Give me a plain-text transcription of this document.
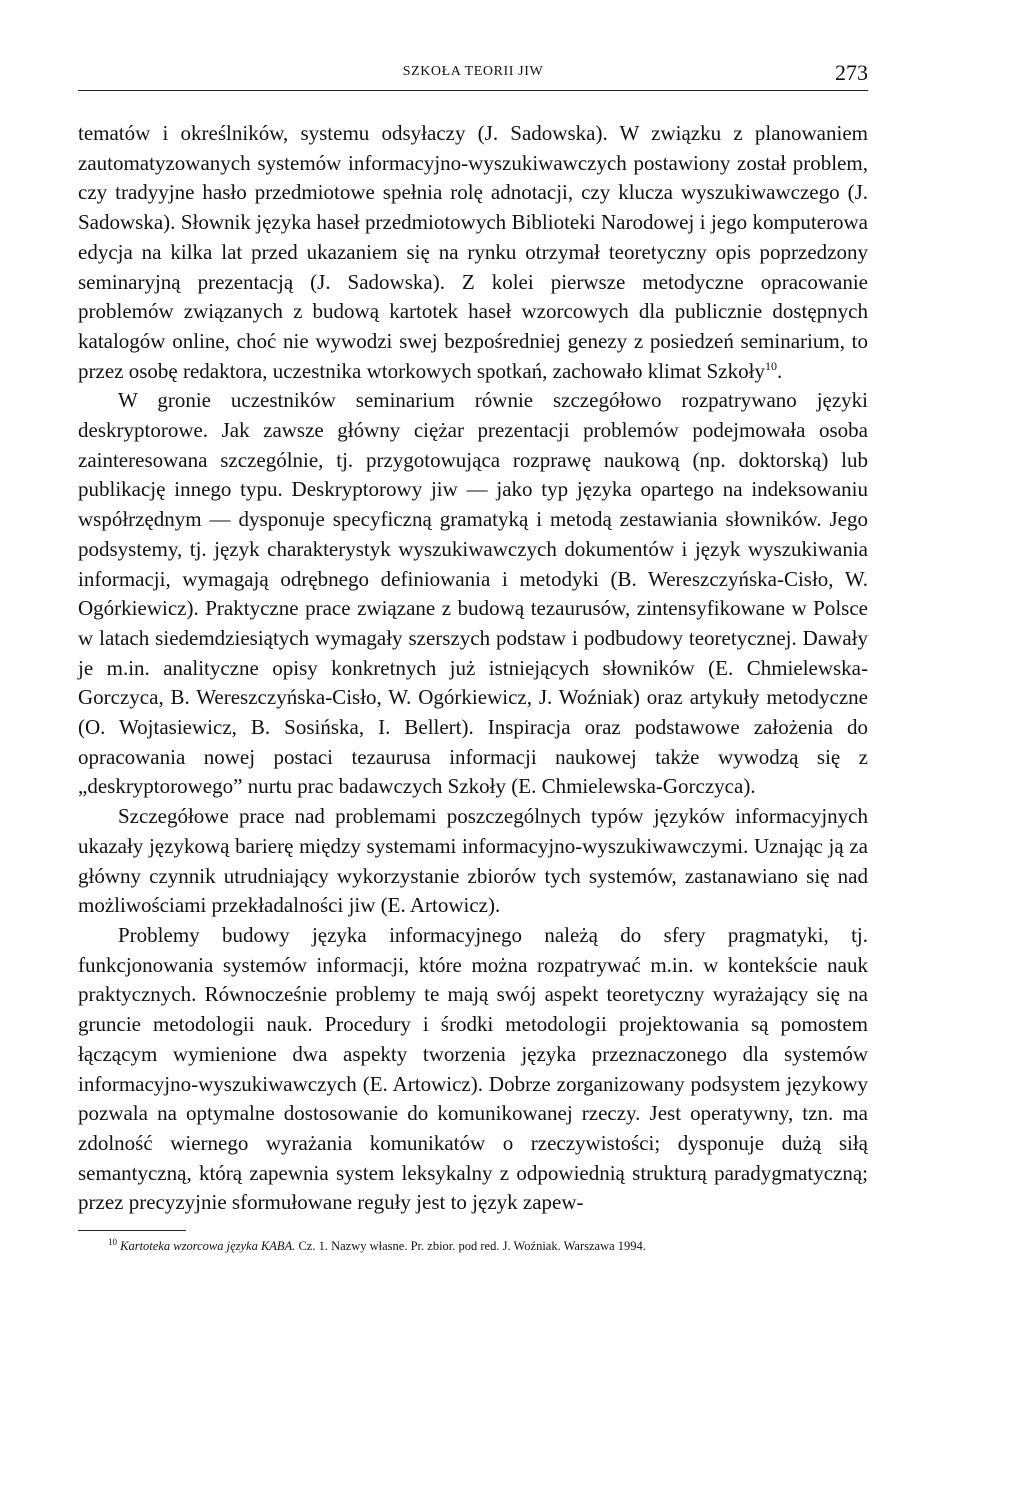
SZKOŁA TEORII JIW	273

tematów i określników, systemu odsyłaczy (J. Sadowska). W związku z planowaniem zautomatyzowanych systemów informacyjno-wyszukiwawczych postawiony został problem, czy tradyyjne hasło przedmiotowe spełnia rolę adnotacji, czy klucza wyszukiwawczego (J. Sadowska). Słownik języka haseł przedmiotowych Biblioteki Narodowej i jego komputerowa edycja na kilka lat przed ukazaniem się na rynku otrzymał teoretyczny opis poprzedzony seminaryjną prezentacją (J. Sadowska). Z kolei pierwsze metodyczne opracowanie problemów związanych z budową kartotek haseł wzorcowych dla publicznie dostępnych katalogów online, choć nie wywodzi swej bezpośredniej genezy z posiedzeń seminarium, to przez osobę redaktora, uczestnika wtorkowych spotkań, zachowało klimat Szkoły$^{10}$.

W gronie uczestników seminarium równie szczegółowo rozpatrywano języki deskryptorowe. Jak zawsze główny ciężar prezentacji problemów podejmowała osoba zainteresowana szczególnie, tj. przygotowująca rozprawę naukową (np. doktorską) lub publikację innego typu. Deskryptorowy jiw — jako typ języka opartego na indeksowaniu współrzędnym — dysponuje specyficzną gramatyką i metodą zestawiania słowników. Jego podsystemy, tj. język charakterystyk wyszukiwawczych dokumentów i język wyszukiwania informacji, wymagają odrębnego definiowania i metodyki (B. Wereszczyńska-Cisło, W. Ogórkiewicz). Praktyczne prace związane z budową tezaurusów, zintensyfikowane w Polsce w latach siedemdziesiątych wymagały szerszych podstaw i podbudowy teoretycznej. Dawały je m.in. analityczne opisy konkretnych już istniejących słowników (E. Chmielewska-Gorczyca, B. Wereszczyńska-Cisło, W. Ogórkiewicz, J. Woźniak) oraz artykuły metodyczne (O. Wojtasiewicz, B. Sosińska, I. Bellert). Inspiracja oraz podstawowe założenia do opracowania nowej postaci tezaurusa informacji naukowej także wywodzą się z „deskryptorowego” nurtu prac badawczych Szkoły (E. Chmielewska-Gorczyca).

Szczegółowe prace nad problemami poszczególnych typów języków informacyjnych ukazały językową barierę między systemami informacyjno-wyszukiwawczymi. Uznając ją za główny czynnik utrudniający wykorzystanie zbiorów tych systemów, zastanawiano się nad możliwościami przekładalności jiw (E. Artowicz).

Problemy budowy języka informacyjnego należą do sfery pragmatyki, tj. funkcjonowania systemów informacji, które można rozpatrywać m.in. w kontekście nauk praktycznych. Równocześnie problemy te mają swój aspekt teoretyczny wyrażający się na gruncie metodologii nauk. Procedury i środki metodologii projektowania są pomostem łączącym wymienione dwa aspekty tworzenia języka przeznaczonego dla systemów informacyjno-wyszukiwawczych (E. Artowicz). Dobrze zorganizowany podsystem językowy pozwala na optymalne dostosowanie do komunikowanej rzeczy. Jest operatywny, tzn. ma zdolność wiernego wyrażania komunikatów o rzeczywistości; dysponuje dużą siłą semantyczną, którą zapewnia system leksykalny z odpowiednią strukturą paradygmatyczną; przez precyzyjnie sformułowane reguły jest to język zapew-

$^{10}$ Kartoteka wzorcowa języka KABA. Cz. 1. Nazwy własne. Pr. zbior. pod red. J. Woźniak. Warszawa 1994.
